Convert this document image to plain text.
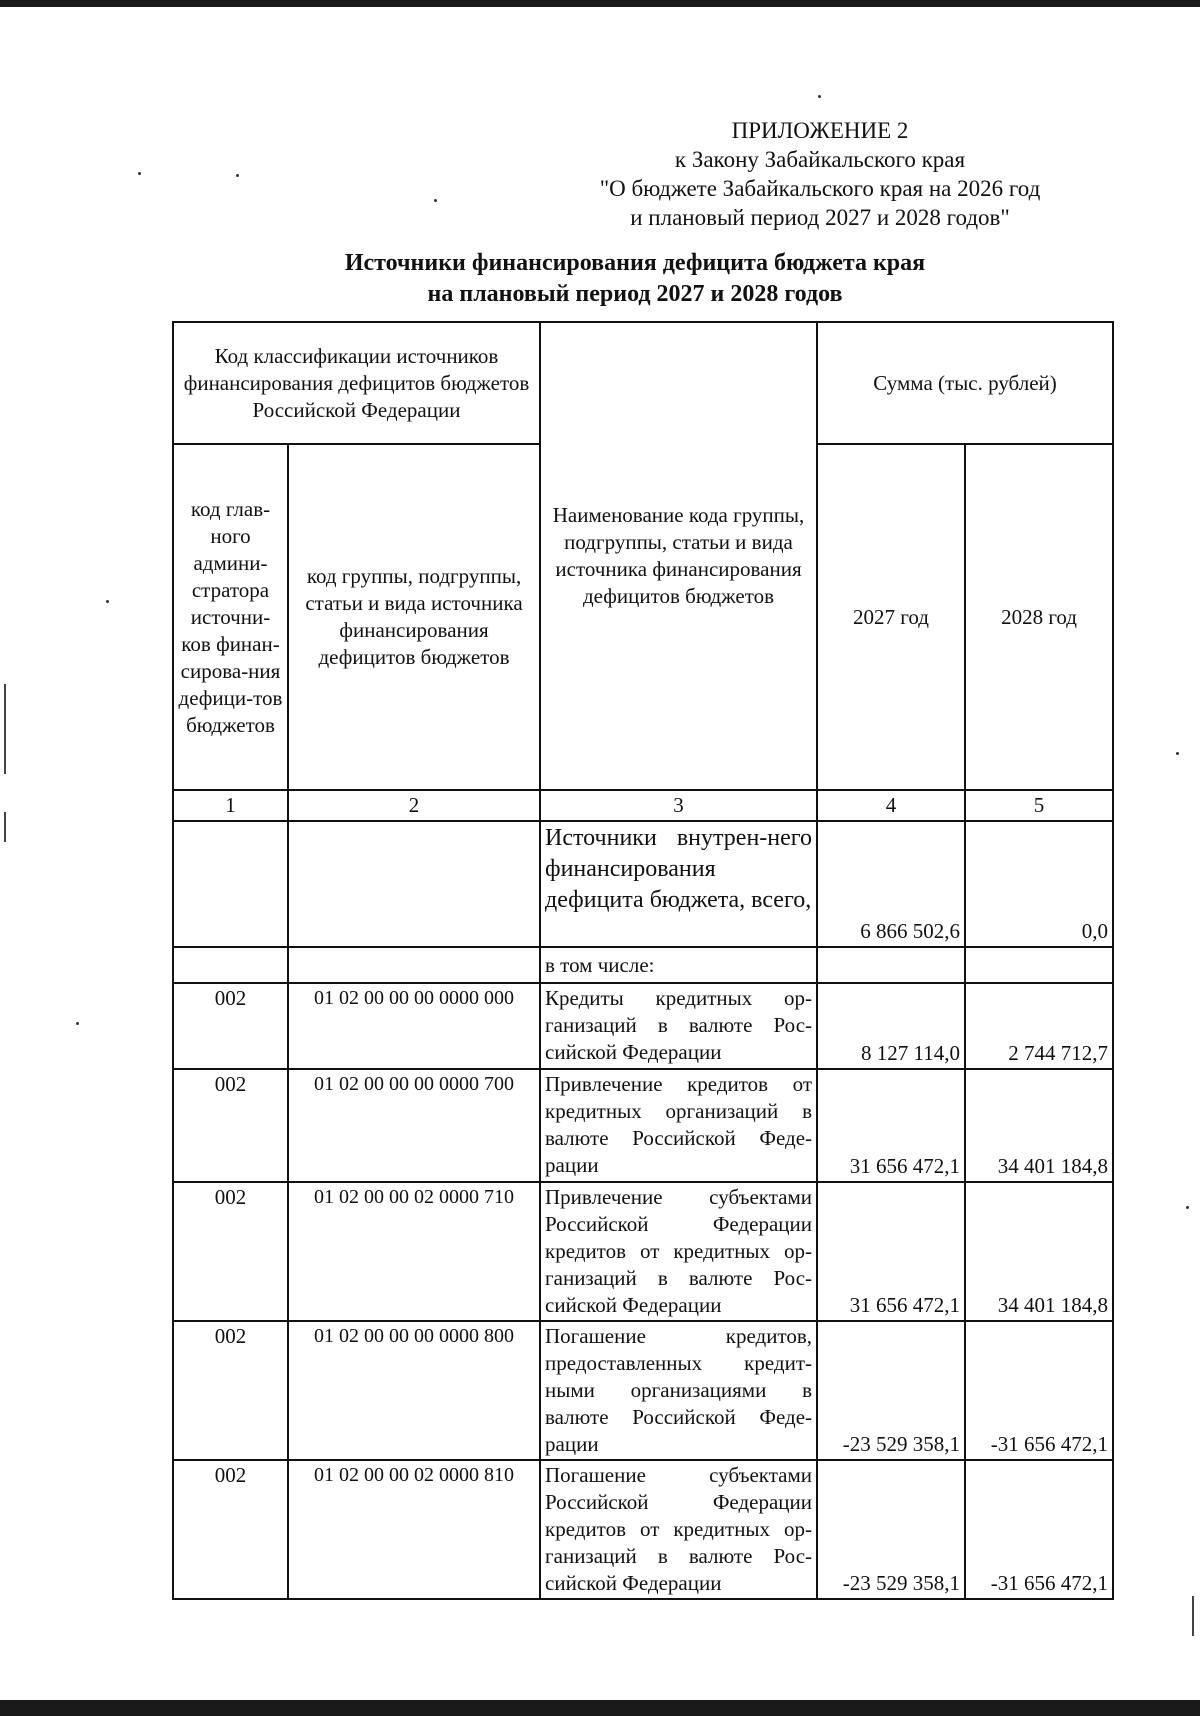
ПРИЛОЖЕНИЕ 2
к Закону Забайкальского края
"О бюджете Забайкальского края на 2026 год
и плановый период 2027 и 2028 годов"
Источники финансирования дефицита бюджета края
на плановый период 2027 и 2028 годов
Код классификации источников финансирования дефицитов бюджетов Российской Федерации		Наименование кода группы, подгруппы, статьи и вида источника финансирования дефицитов бюджетов	Сумма (тыс. рублей)	
код глав-ного админи-стратора источни-ков финан-сирова-ния дефици-тов бюджетов	код группы, подгруппы, статьи и вида источника финансирования дефицитов бюджетов		2027 год	2028 год
1	2	3	4	5
		Источники внутрен-него финансирования дефицита бюджета, всего,	6 866 502,6	0,0
		в том числе:		
002	01 02 00 00 00 0000 000	Кредиты кредитных ор-ганизаций в валюте Рос-сийской Федерации	8 127 114,0	2 744 712,7
002	01 02 00 00 00 0000 700	Привлечение кредитов от кредитных организаций в валюте Российской Феде-рации	31 656 472,1	34 401 184,8
002	01 02 00 00 02 0000 710	Привлечение субъектами Российской Федерации кредитов от кредитных ор-ганизаций в валюте Рос-сийской Федерации	31 656 472,1	34 401 184,8
002	01 02 00 00 00 0000 800	Погашение кредитов, предоставленных кредит-ными организациями в валюте Российской Феде-рации	-23 529 358,1	-31 656 472,1
002	01 02 00 00 02 0000 810	Погашение субъектами Российской Федерации кредитов от кредитных ор-ганизаций в валюте Рос-сийской Федерации	-23 529 358,1	-31 656 472,1
